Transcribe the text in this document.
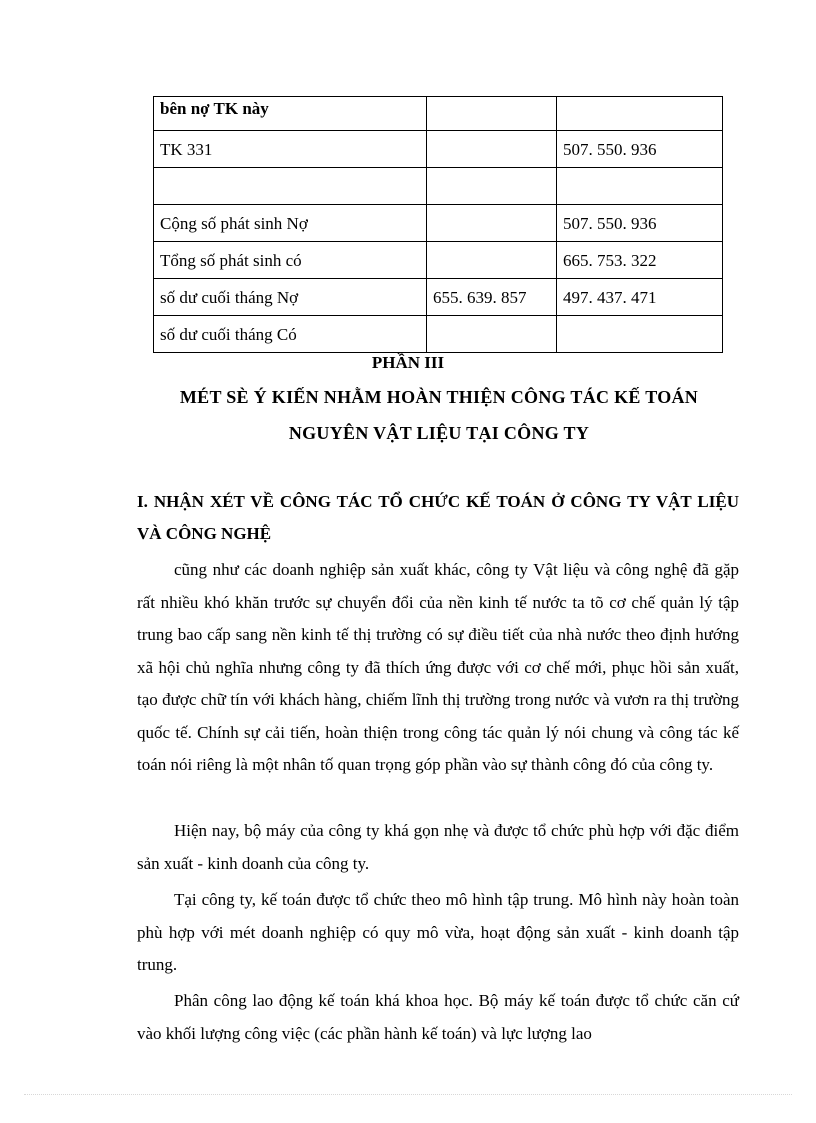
bên nợ TK này		
TK 331		507. 550. 936

Cộng số phát sinh Nợ		507. 550. 936
Tổng số phát sinh có		665. 753. 322
số dư cuối tháng Nợ	655. 639. 857	497. 437. 471
số dư cuối tháng Có		
PHẦN III
MÉT SÈ Ý KIẾN NHẰM HOÀN THIỆN CÔNG TÁC KẾ TOÁN
NGUYÊN VẬT LIỆU TẠI CÔNG TY
I. NHẬN XÉT VỀ CÔNG TÁC TỔ CHỨC KẾ TOÁN Ở CÔNG TY VẬT LIỆU VÀ CÔNG NGHỆ

cũng như các doanh nghiệp sản xuất khác, công ty Vật liệu và công nghệ đã gặp rất nhiều khó khăn trước sự chuyển đổi của nền kinh tế nước ta tõ cơ chế quản lý tập trung bao cấp sang nền kinh tế thị trường có sự điều tiết của nhà nước theo định hướng xã hội chủ nghĩa nhưng công ty đã thích ứng được với cơ chế mới, phục hồi sản xuất, tạo được chữ tín với khách hàng, chiếm lĩnh thị trường trong nước và vươn ra thị trường quốc tế. Chính sự cải tiến, hoàn thiện trong công tác quản lý nói chung và công tác kế toán nói riêng là một nhân tố quan trọng góp phần vào sự thành công đó của công ty.

Hiện nay, bộ máy của công ty khá gọn nhẹ và được tổ chức phù hợp với đặc điểm sản xuất - kinh doanh của công ty.

Tại công ty, kế toán được tổ chức theo mô hình tập trung. Mô hình này hoàn toàn phù hợp với mét doanh nghiệp có quy mô vừa, hoạt động sản xuất - kinh doanh tập trung.

Phân công lao động kế toán khá khoa học. Bộ máy kế toán được tổ chức căn cứ vào khối lượng công việc (các phần hành kế toán) và lực lượng lao
